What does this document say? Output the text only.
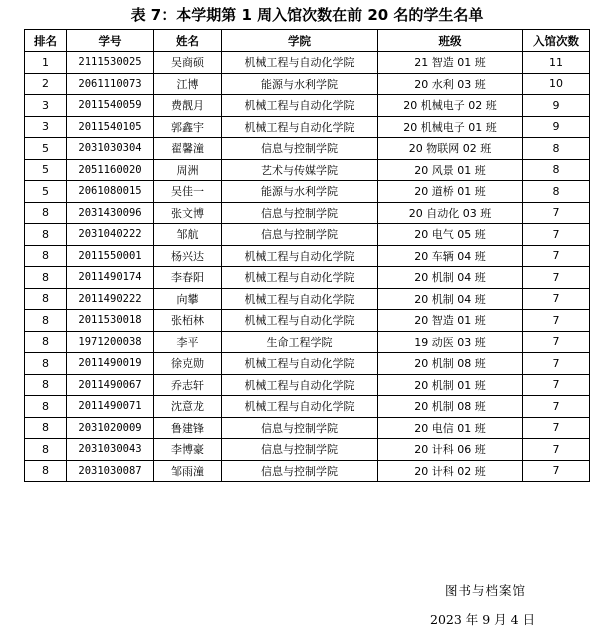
表 7：本学期第 1 周入馆次数在前 20 名的学生名单
排名	学号	姓名	学院	班级	入馆次数
1	2111530025	吴商硕	机械工程与自动化学院	21 智造 01 班	11
2	2061110073	江博	能源与水利学院	20 水利 03 班	10
3	2011540059	费靓月	机械工程与自动化学院	20 机械电子 02 班	9
3	2011540105	郭鑫宇	机械工程与自动化学院	20 机械电子 01 班	9
5	2031030304	翟馨潼	信息与控制学院	20 物联网 02 班	8
5	2051160020	周洲	艺术与传媒学院	20 风景 01 班	8
5	2061080015	吴佳一	能源与水利学院	20 道桥 01 班	8
8	2031430096	张文博	信息与控制学院	20 自动化 03 班	7
8	2031040222	邹航	信息与控制学院	20 电气 05 班	7
8	2011550001	杨兴达	机械工程与自动化学院	20 车辆 04 班	7
8	2011490174	李春阳	机械工程与自动化学院	20 机制 04 班	7
8	2011490222	向攀	机械工程与自动化学院	20 机制 04 班	7
8	2011530018	张栢林	机械工程与自动化学院	20 智造 01 班	7
8	1971200038	李平	生命工程学院	19 动医 03 班	7
8	2011490019	徐克勋	机械工程与自动化学院	20 机制 08 班	7
8	2011490067	乔志轩	机械工程与自动化学院	20 机制 01 班	7
8	2011490071	沈意龙	机械工程与自动化学院	20 机制 08 班	7
8	2031020009	鲁建锋	信息与控制学院	20 电信 01 班	7
8	2031030043	李博豪	信息与控制学院	20 计科 06 班	7
8	2031030087	邹雨潼	信息与控制学院	20 计科 02 班	7
图书与档案馆
2023 年 9 月 4 日
